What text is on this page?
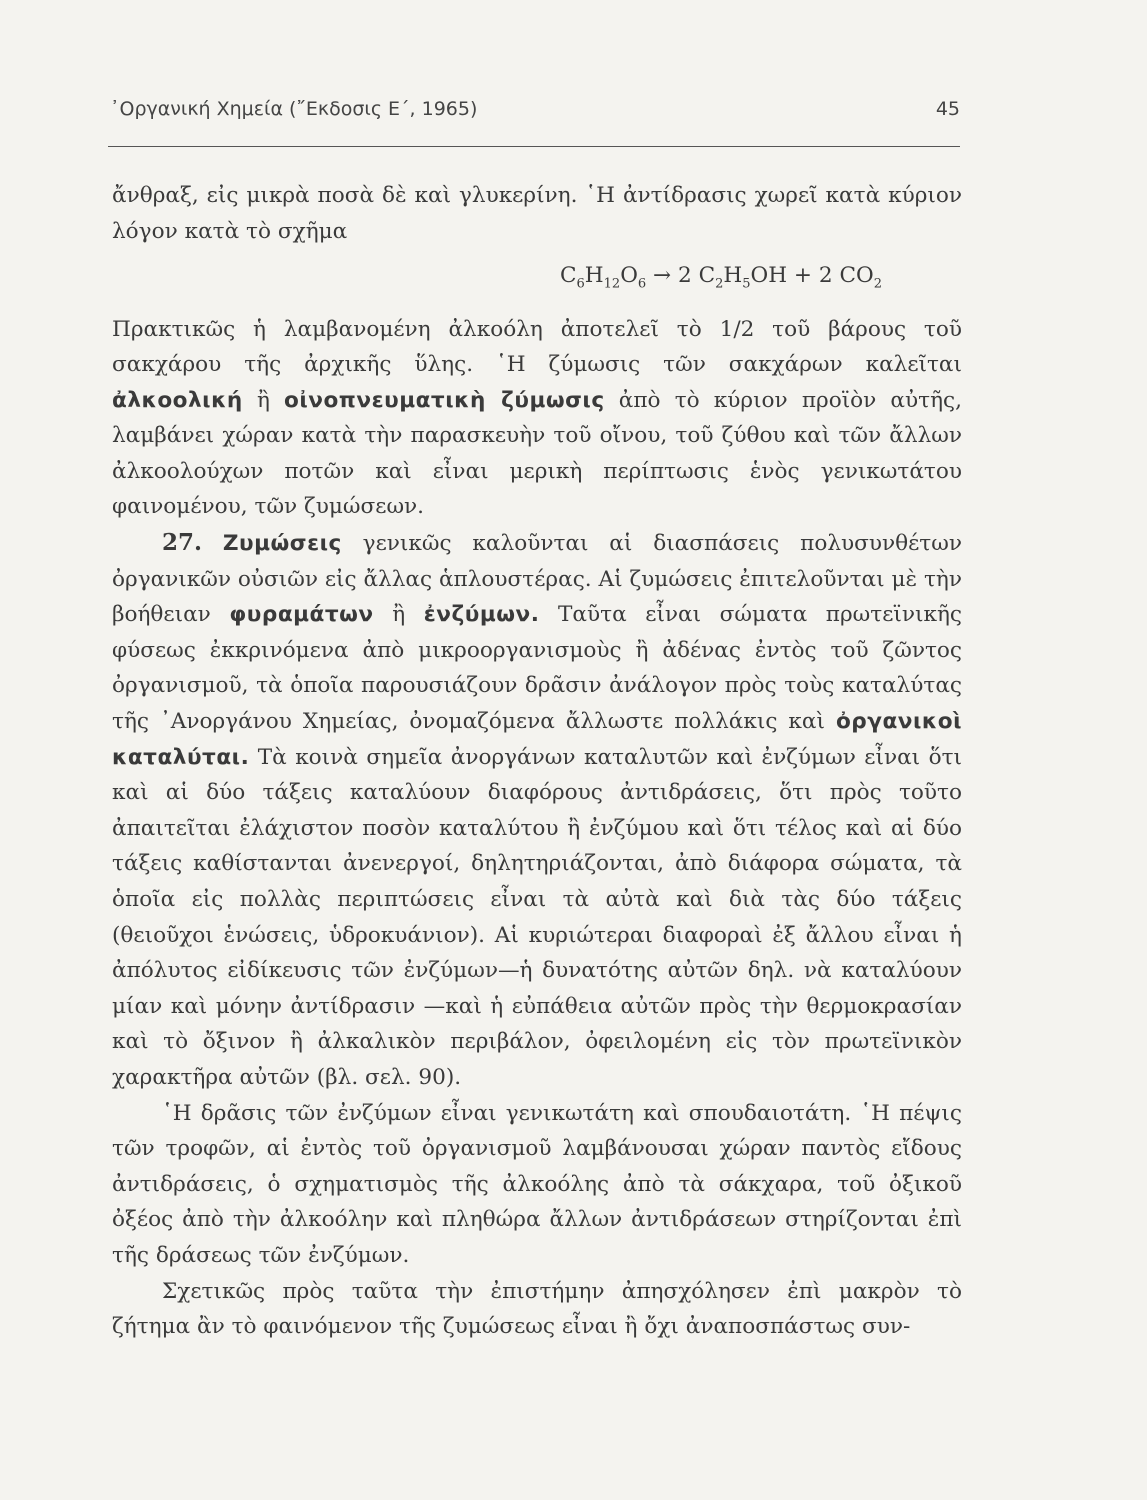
᾽Οργανική Χημεία (῎Εκδοσις Ε΄, 1965)	45

ἄνθραξ, εἰς μικρὰ ποσὰ δὲ καὶ γλυκερίνη. ῾Η ἀντίδρασις χωρεῖ κατὰ κύριον λόγον κατὰ τὸ σχῆμα

$C_6H_{12}O_6 \to 2$ $C_2H_5OH + 2$ $CO_2$

Πρακτικῶς ἡ λαμβανομένη ἀλκοόλη ἀποτελεῖ τὸ 1/2 τοῦ βάρους τοῦ σακχάρου τῆς ἀρχικῆς ὕλης. ῾Η ζύμωσις τῶν σακχάρων καλεῖται ἀλκοολική ἢ οἰνοπνευματικὴ ζύμωσις ἀπὸ τὸ κύριον προϊὸν αὐτῆς, λαμβάνει χώραν κατὰ τὴν παρασκευὴν τοῦ οἴνου, τοῦ ζύθου καὶ τῶν ἄλλων ἀλκοολούχων ποτῶν καὶ εἶναι μερικὴ περίπτωσις ἑνὸς γενικωτάτου φαινομένου, τῶν ζυμώσεων.

27. Ζυμώσεις γενικῶς καλοῦνται αἱ διασπάσεις πολυσυνθέτων ὀργανικῶν οὐσιῶν εἰς ἄλλας ἁπλουστέρας. Αἱ ζυμώσεις ἐπιτελοῦνται μὲ τὴν βοήθειαν φυραμάτων ἢ ἐνζύμων. Ταῦτα εἶναι σώματα πρωτεϊνικῆς φύσεως ἐκκρινόμενα ἀπὸ μικροοργανισμοὺς ἢ ἀδένας ἐντὸς τοῦ ζῶντος ὀργανισμοῦ, τὰ ὁποῖα παρουσιάζουν δρᾶσιν ἀνάλογον πρὸς τοὺς καταλύτας τῆς ᾽Ανοργάνου Χημείας, ὀνομαζόμενα ἄλλωστε πολλάκις καὶ ὀργανικοὶ καταλύται. Τὰ κοινὰ σημεῖα ἀνοργάνων καταλυτῶν καὶ ἐνζύμων εἶναι ὅτι καὶ αἱ δύο τάξεις καταλύουν διαφόρους ἀντιδράσεις, ὅτι πρὸς τοῦτο ἀπαιτεῖται ἐλάχιστον ποσὸν καταλύτου ἢ ἐνζύμου καὶ ὅτι τέλος καὶ αἱ δύο τάξεις καθίστανται ἀνενεργοί, δηλητηριάζονται, ἀπὸ διάφορα σώματα, τὰ ὁποῖα εἰς πολλὰς περιπτώσεις εἶναι τὰ αὐτὰ καὶ διὰ τὰς δύο τάξεις (θειοῦχοι ἑνώσεις, ὑδροκυάνιον). Αἱ κυριώτεραι διαφοραὶ ἐξ ἄλλου εἶναι ἡ ἀπόλυτος εἰδίκευσις τῶν ἐνζύμων—ἡ δυνατότης αὐτῶν δηλ. νὰ καταλύουν μίαν καὶ μόνην ἀντίδρασιν —καὶ ἡ εὐπάθεια αὐτῶν πρὸς τὴν θερμοκρασίαν καὶ τὸ ὄξινον ἢ ἀλκαλικὸν περιβάλον, ὀφειλομένη εἰς τὸν πρωτεϊνικὸν χαρακτῆρα αὐτῶν (βλ. σελ. 90).

῾Η δρᾶσις τῶν ἐνζύμων εἶναι γενικωτάτη καὶ σπουδαιοτάτη. ῾Η πέψις τῶν τροφῶν, αἱ ἐντὸς τοῦ ὀργανισμοῦ λαμβάνουσαι χώραν παντὸς εἴδους ἀντιδράσεις, ὁ σχηματισμὸς τῆς ἀλκοόλης ἀπὸ τὰ σάκχαρα, τοῦ ὀξικοῦ ὀξέος ἀπὸ τὴν ἀλκοόλην καὶ πληθώρα ἄλλων ἀντιδράσεων στηρίζονται ἐπὶ τῆς δράσεως τῶν ἐνζύμων.

Σχετικῶς πρὸς ταῦτα τὴν ἐπιστήμην ἀπησχόλησεν ἐπὶ μακρὸν τὸ ζήτημα ἂν τὸ φαινόμενον τῆς ζυμώσεως εἶναι ἢ ὄχι ἀναποσπάστως συν-
